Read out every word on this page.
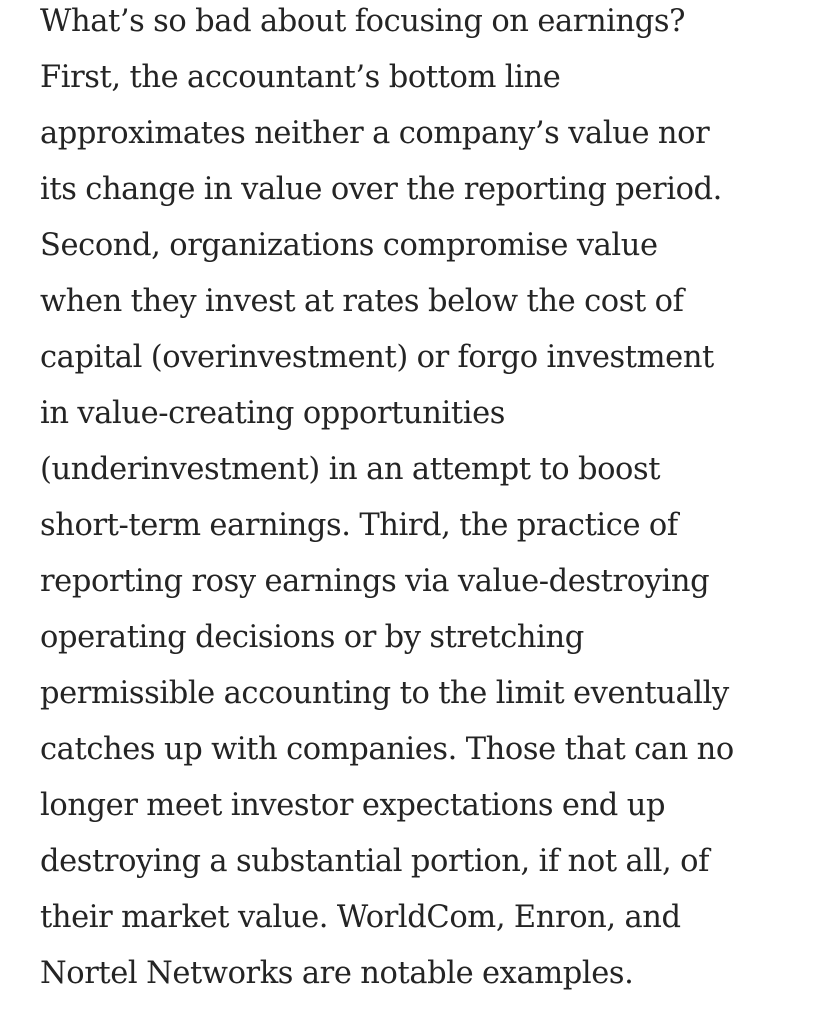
What’s so bad about focusing on earnings?
First, the accountant’s bottom line
approximates neither a company’s value nor
its change in value over the reporting period.
Second, organizations compromise value
when they invest at rates below the cost of
capital (overinvestment) or forgo investment
in value-creating opportunities
(underinvestment) in an attempt to boost
short-term earnings. Third, the practice of
reporting rosy earnings via value-destroying
operating decisions or by stretching
permissible accounting to the limit eventually
catches up with companies. Those that can no
longer meet investor expectations end up
destroying a substantial portion, if not all, of
their market value. WorldCom, Enron, and
Nortel Networks are notable examples.
